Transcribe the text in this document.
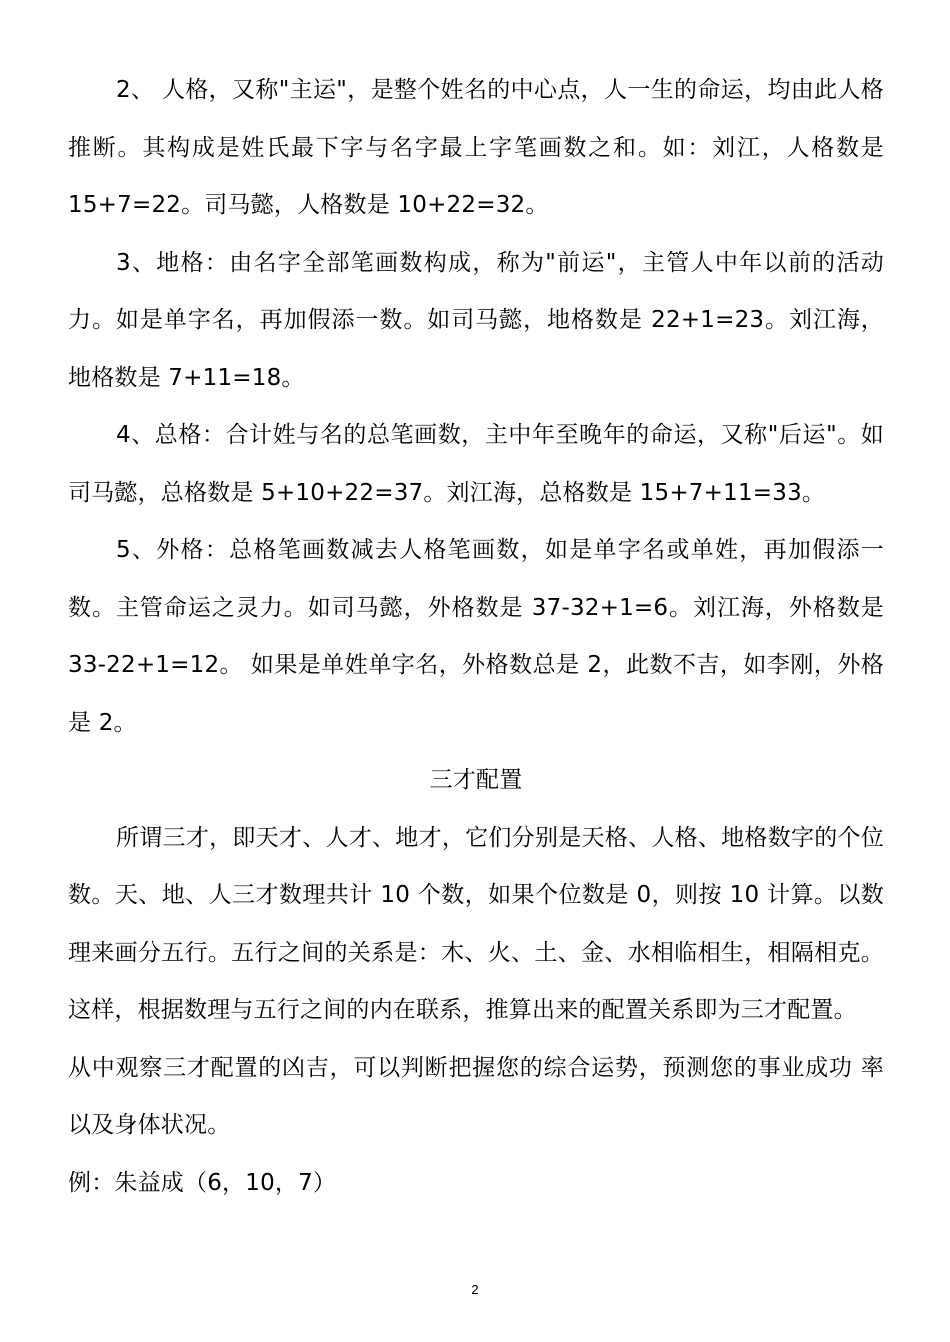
2、 人格，又称"主运"，是整个姓名的中心点，人一生的命运，均由此人格推断。其构成是姓氏最下字与名字最上字笔画数之和。如：刘江，人格数是 15+7=22。司马懿，人格数是 10+22=32。

3、地格：由名字全部笔画数构成，称为"前运"，主管人中年以前的活动力。如是单字名，再加假添一数。如司马懿，地格数是 22+1=23。刘江海，地格数是 7+11=18。

4、总格：合计姓与名的总笔画数，主中年至晚年的命运，又称"后运"。如司马懿，总格数是 5+10+22=37。刘江海，总格数是 15+7+11=33。

5、外格：总格笔画数减去人格笔画数，如是单字名或单姓，再加假添一数。主管命运之灵力。如司马懿，外格数是 37-32+1=6。刘江海，外格数是 33-22+1=12。 如果是单姓单字名，外格数总是 2，此数不吉，如李刚，外格是 2。

三才配置

所谓三才，即天才、人才、地才，它们分别是天格、人格、地格数字的个位 数。天、地、人三才数理共计 10 个数，如果个位数是 0，则按 10 计算。以数理来画分五行。五行之间的关系是：木、火、土、金、水相临相生，相隔相克。这样，根据数理与五行之间的内在联系，推算出来的配置关系即为三才配置。

从中观察三才配置的凶吉，可以判断把握您的综合运势，预测您的事业成功 率以及身体状况。

例：朱益成（6，10，7）

2
